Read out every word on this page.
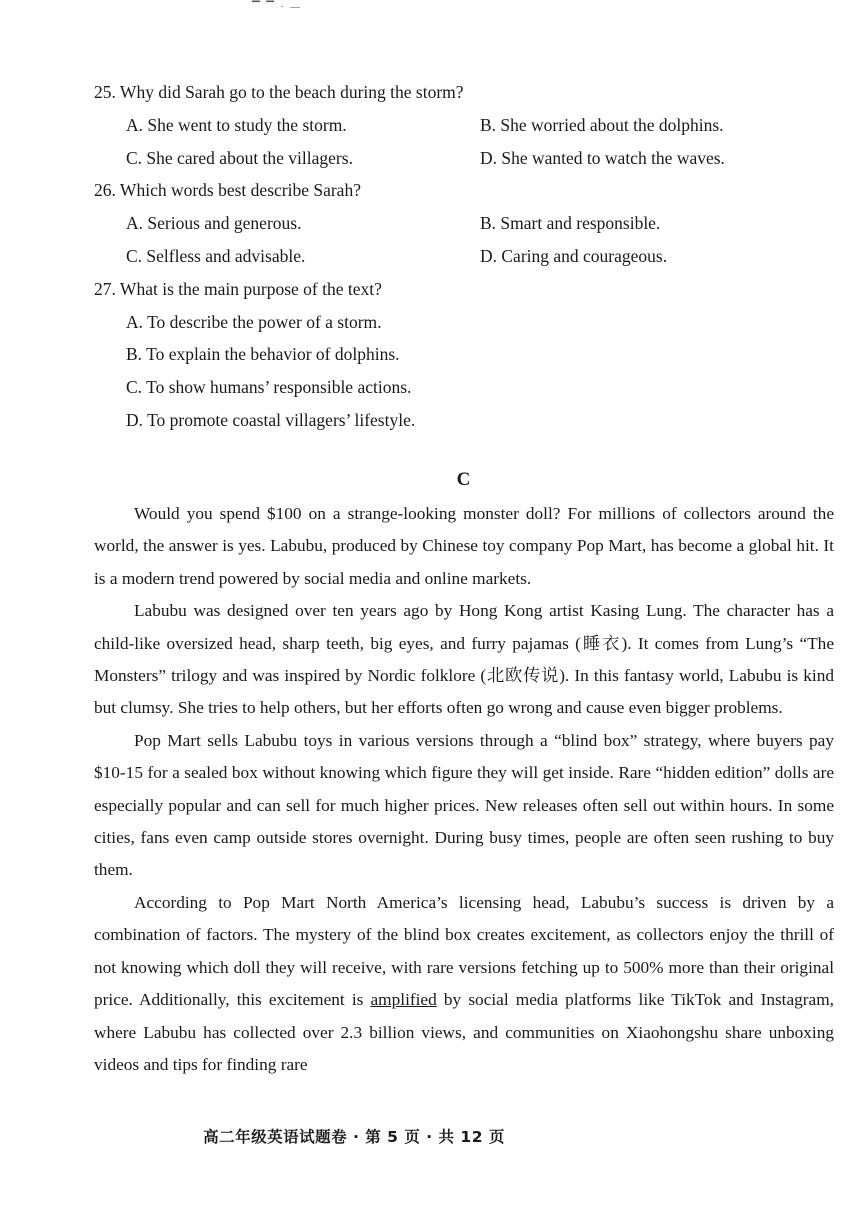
▔ ▔ · —
25. Why did Sarah go to the beach during the storm?
A. She went to study the storm.	B. She worried about the dolphins.
C. She cared about the villagers.	D. She wanted to watch the waves.
26. Which words best describe Sarah?
A. Serious and generous.	B. Smart and responsible.
C. Selfless and advisable.	D. Caring and courageous.
27. What is the main purpose of the text?
A. To describe the power of a storm.
B. To explain the behavior of dolphins.
C. To show humans’ responsible actions.
D. To promote coastal villagers’ lifestyle.
C

Would you spend $100 on a strange-looking monster doll? For millions of collectors around the world, the answer is yes. Labubu, produced by Chinese toy company Pop Mart, has become a global hit. It is a modern trend powered by social media and online markets.

Labubu was designed over ten years ago by Hong Kong artist Kasing Lung. The character has a child-like oversized head, sharp teeth, big eyes, and furry pajamas (睡衣). It comes from Lung’s “The Monsters” trilogy and was inspired by Nordic folklore (北欧传说). In this fantasy world, Labubu is kind but clumsy. She tries to help others, but her efforts often go wrong and cause even bigger problems.

Pop Mart sells Labubu toys in various versions through a “blind box” strategy, where buyers pay $10-15 for a sealed box without knowing which figure they will get inside. Rare “hidden edition” dolls are especially popular and can sell for much higher prices. New releases often sell out within hours. In some cities, fans even camp outside stores overnight. During busy times, people are often seen rushing to buy them.

According to Pop Mart North America’s licensing head, Labubu’s success is driven by a combination of factors. The mystery of the blind box creates excitement, as collectors enjoy the thrill of not knowing which doll they will receive, with rare versions fetching up to 500% more than their original price. Additionally, this excitement is amplified by social media platforms like TikTok and Instagram, where Labubu has collected over 2.3 billion views, and communities on Xiaohongshu share unboxing videos and tips for finding rare

高二年级英语试题卷 · 第 5 页 · 共 12 页
